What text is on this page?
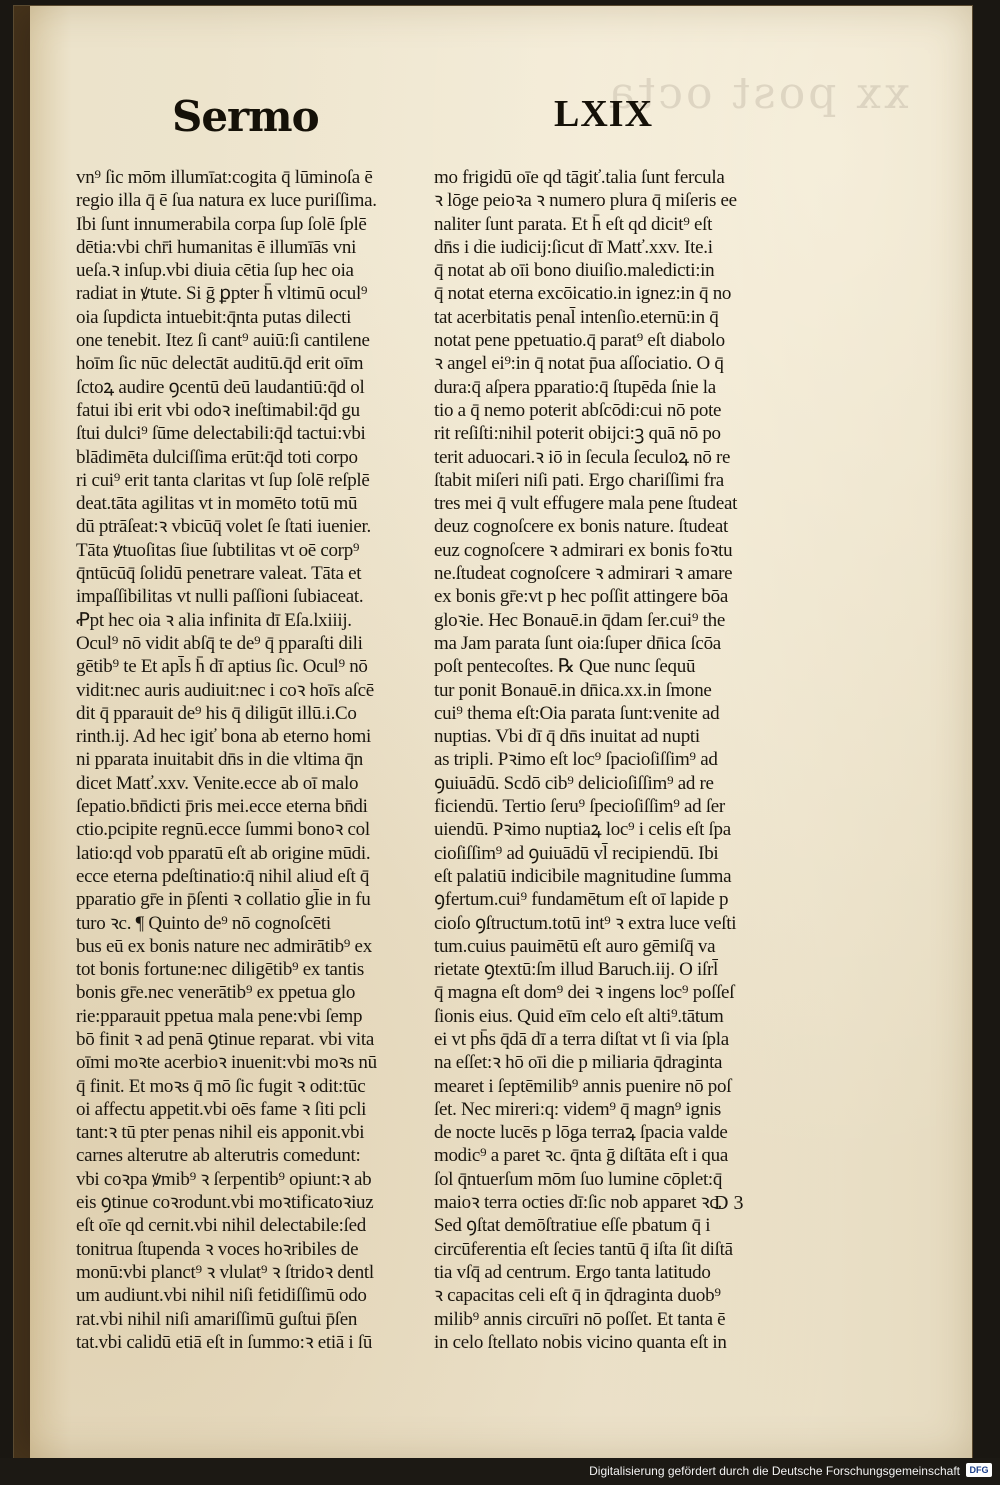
xx post octa
Sermo	LXIX
vn⁹ ſic mōm illumīat:cogita q̄ lūminoſa ē
regio illa q̄ ē ſua natura ex luce puriſſima.
Ibi ſunt innumerabila corpa ſup ſolē ſplē
dētia:vbi chr̄i humanitas ē illumīās vni
ueſa.ꝛ inſup.vbi diuia cētia ſup hec oia
radiat in ꝟtute. Si ḡ ꝑpter h̄ vltimū ocul⁹
oia ſupdicta intuebit:q̄nta putas dilecti
one tenebit. Itez ſi cant⁹ auiū:ſi cantilene
hoīm ſic nūc delectāt auditū.q̄d erit oīm
ſctoꝝ audire ꝯcentū deū laudantiū:q̄d ol
fatui ibi erit vbi odoꝛ ineſtimabil:q̄d gu
ſtui dulci⁹ ſūme delectabili:q̄d tactui:vbi
blādimēta dulciſſima erūt:q̄d toti corpo
ri cui⁹ erit tanta claritas vt ſup ſolē reſplē
deat.tāta agilitas vt in momēto totū mū
dū ptrāſeat:ꝛ vbicūq̄ volet ſe ſtati iuenier.
Tāta ꝟtuoſitas ſiue ſubtilitas vt oē corp⁹
q̄ntūcūq̄ ſolidū penetrare valeat. Tāta et
impaſſibilitas vt nulli paſſioni ſubiaceat.
Ꝓpt hec oia ꝛ alia infinita dī Eſa.lxiiij.
Ocul⁹ nō vidit abſq̄ te de⁹ q̄ pparaſti dili
gētib⁹ te Et apl̄s h̄ dī aptius ſic. Ocul⁹ nō
vidit:nec auris audiuit:nec i coꝛ hoīs aſcē
dit q̄ pparauit de⁹ his q̄ diligūt illū.i.Co
rinth.ij. Ad hec igiť bona ab eterno homi
ni pparata inuitabit dn̄s in die vltima q̄n
dicet Matť.xxv. Venite.ecce ab oī malo
ſepatio.bn̄dicti p̄ris mei.ecce eterna bn̄di
ctio.pcipite regnū.ecce ſummi bonoꝛ col
latio:qd vob pparatū eſt ab origine mūdi.
ecce eterna pdeſtinatio:q̄ nihil aliud eſt q̄
pparatio gr̄e in p̄ſenti ꝛ collatio gl̄ie in fu
turo ꝛc. ¶ Quinto de⁹ nō cognoſcēti
bus eū ex bonis nature nec admirātib⁹ ex
tot bonis fortune:nec diligētib⁹ ex tantis
bonis gr̄e.nec venerātib⁹ ex ppetua glo
rie:pparauit ppetua mala pene:vbi ſemp
bō finit ꝛ ad penā ꝯtinue reparat. vbi vita
oīmi moꝛte acerbioꝛ inuenit:vbi moꝛs nū
q̄ finit. Et moꝛs q̄ mō ſic fugit ꝛ odit:tūc
oi affectu appetit.vbi oēs fame ꝛ ſiti pcli
tant:ꝛ tū pter penas nihil eis apponit.vbi
carnes alterutre ab alterutris comedunt:
vbi coꝛpa ꝟmib⁹ ꝛ ſerpentib⁹ opiunt:ꝛ ab
eis ꝯtinue coꝛrodunt.vbi moꝛtificatoꝛiuz
eſt oīe qd cernit.vbi nihil delectabile:ſed
tonitrua ſtupenda ꝛ voces hoꝛribiles de
monū:vbi planct⁹ ꝛ vlulat⁹ ꝛ ſtridoꝛ dentl
um audiunt.vbi nihil niſi fetidiſſimū odo
rat.vbi nihil niſi amariſſimū guſtui p̄ſen
tat.vbi calidū etiā eſt in ſummo:ꝛ etiā i ſū
mo frigidū oīe qd tāgiť.talia ſunt fercula
ꝛ lōge peioꝛa ꝛ numero plura q̄ miſeris ee
naliter ſunt parata. Et h̄ eſt qd dicit⁹ eſt
dn̄s i die iudicij:ſicut dī Matť.xxv. Ite.i
q̄ notat ab oīi bono diuiſio.maledicti:in
q̄ notat eterna excōicatio.in ignez:in q̄ no
tat acerbitatis penal̄ intenſio.eternū:in q̄
notat pene ppetuatio.q̄ parat⁹ eſt diabolo
ꝛ angel ei⁹:in q̄ notat p̄ua aſſociatio. O q̄
dura:q̄ aſpera pparatio:q̄ ſtupēda ſnie la
tio a q̄ nemo poterit abſcōdi:cui nō pote
rit reſiſti:nihil poterit obijci:ꝫ quā nō po
terit aduocari.ꝛ iō in ſecula ſeculoꝝ nō re
ſtabit miſeri niſi pati. Ergo chariſſimi fra
tres mei q̄ vult effugere mala pene ſtudeat
deuz cognoſcere ex bonis nature. ſtudeat
euz cognoſcere ꝛ admirari ex bonis foꝛtu
ne.ſtudeat cognoſcere ꝛ admirari ꝛ amare
ex bonis gr̄e:vt p hec poſſit attingere bōa
gloꝛie. Hec Bonauē.in q̄dam ſer.cui⁹ the
ma Jam parata ſunt oia:ſuper dn̄ica ſcōa
poſt pentecoſtes. ℞ Que nunc ſequū
tur ponit Bonauē.in dn̄ica.xx.in ſmone
cui⁹ thema eſt:Oia parata ſunt:venite ad
nuptias. Vbi dī q̄ dn̄s inuitat ad nupti
as tripli. Pꝛimo eſt loc⁹ ſpacioſiſſim⁹ ad
ꝯuiuādū. Scdō cib⁹ delicioſiſſim⁹ ad re
ficiendū. Tertio ſeru⁹ ſpecioſiſſim⁹ ad ſer
uiendū. Pꝛimo nuptiaꝝ loc⁹ i celis eſt ſpa
cioſiſſim⁹ ad ꝯuiuādū vl̄ recipiendū. Ibi
eſt palatiū indicibile magnitudine ſumma
ꝯfertum.cui⁹ fundamētum eſt oī lapide p
cioſo ꝯſtructum.totū int⁹ ꝛ extra luce veſti
tum.cuius pauimētū eſt auro gēmiſq̄ va
rietate ꝯtextū:ſm illud Baruch.iij. O iſrl̄
q̄ magna eſt dom⁹ dei ꝛ ingens loc⁹ poſſeſ
ſionis eius. Quid eīm celo eſt alti⁹.tātum
ei vt ph̄s q̄dā dī a terra diſtat vt ſi via ſpla
na eſſet:ꝛ hō oīi die p miliaria q̄draginta
mearet i ſeptēmilib⁹ annis puenire nō poſ
ſet. Nec mireri:q: videm⁹ q̄ magn⁹ ignis
de nocte lucēs p lōga terraꝝ ſpacia valde
modic⁹ a paret ꝛc. q̄nta ḡ diſtāta eſt i qua
ſol q̄ntuerſum mōm ſuo lumine cōplet:q̄
maioꝛ terra octies dī:ſic nob apparet ꝛc.
Sed ꝯſtat demōſtratiue eſſe pbatum q̄ i
circūferentia eſt ſecies tantū q̄ iſta ſit diſtā
tia vſq̄ ad centrum. Ergo tanta latitudo
ꝛ capacitas celi eſt q̄ in q̄draginta duob⁹
milib⁹ annis circuīri nō poſſet. Et tanta ē
in celo ſtellato nobis vicino quanta eſt in
D 3
Digitalisierung gefördert durch die Deutsche Forschungsgemeinschaft	DFG
